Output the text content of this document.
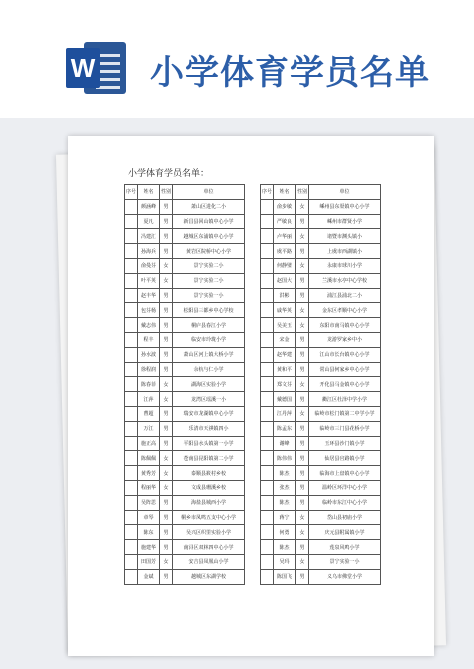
W 小学体育学员名单
小学体育学员名单：
序号	姓名	性别	单位
	颜涵峰	男	萧山区进化二小
	夏凡	男	新昌县回山镇中心小学
	冯建汇	男	越城区东浦镇中心小学
	孙海兵	男	黄岩区院桥中心小学
	俞曼芬	女	景宁实验二小
	叶平英	女	景宁实验二小
	赵丰华	男	景宁实验一小
	包芬杨	男	松阳县三都乡中心学校
	戴志伟	男	桐庐县春江小学
	程丰	男	临安市玲珑小学
	孙水波	男	萧山区河上镇大桥小学
	徐程润	男	余杭与仁小学
	陈春菲	女	湖海区实验小学
	江萍	女	龙湾区瑶溪一小
	曹超	男	瑞安市龙湖镇中心小学
	万江	男	乐清市天祺镇四小
	施正高	男	平阳县水头镇第一小学
	陈佩佩	女	苍南县昆阳镇第二小学
	黄秀芳	女	泰顺县筱村乡校
	程丽华	女	文成县珊溪乡校
	吴阵思	男	海盐县城西小学
	章琴	男	桐乡市凤鸣五支中心小学
	陈东	男	吴兴区织里实验小学
	施建华	男	南浔区双林四中心小学
	田国芳	女	安吉县凤凰山小学
	金斌	男	越城区东湖学校
序号	姓名	性别	单位
	俞步敏	女	嵊州县东渠镇中心小学
	严敏良	男	嵊州市群贤小学
	卢华丽	女	诸暨市渊头镇小
	虞平路	男	上虞市西湖镇小
	何静璧	女	永康市球川小学
	赵国大	男	兰溪市水亭中心学校
	洪彬	男	浦江县浦北二小
	戚华英	女	金东区孝顺中心小学
	吴美玉	女	东阳市南马镇中心小学
	宋金	男	龙游罗家乡中小
	赵华建	男	江山市长台镇中心小学
	黄和平	男	常山县何家乡中心小学
	郑文芬	女	开化县马金镇中心小学
	戴德国	男	衢江区杜泽中学小学
	江丹萍	女	临岭市松门镇第二中学小学
	陈孟东	男	临岭市三门县花桥小学
	谢峰	男	玉环县沙门镇小学
	陈伟伟	男	仙居县官路镇小学
	陈杰	男	临海市上盘镇中心小学
	张杰	男	温岭区环洋中心小学
	陈杰	男	临岭市东江中心小学
	蒋宁	女	岱山县初庙小学
	何勇	女	庆元县附属镇小学
	陈杰	男	莲泉风鸣小学
	吴玛	女	景宁实验一小
	陈国飞	男	义乌市佛堂小学
